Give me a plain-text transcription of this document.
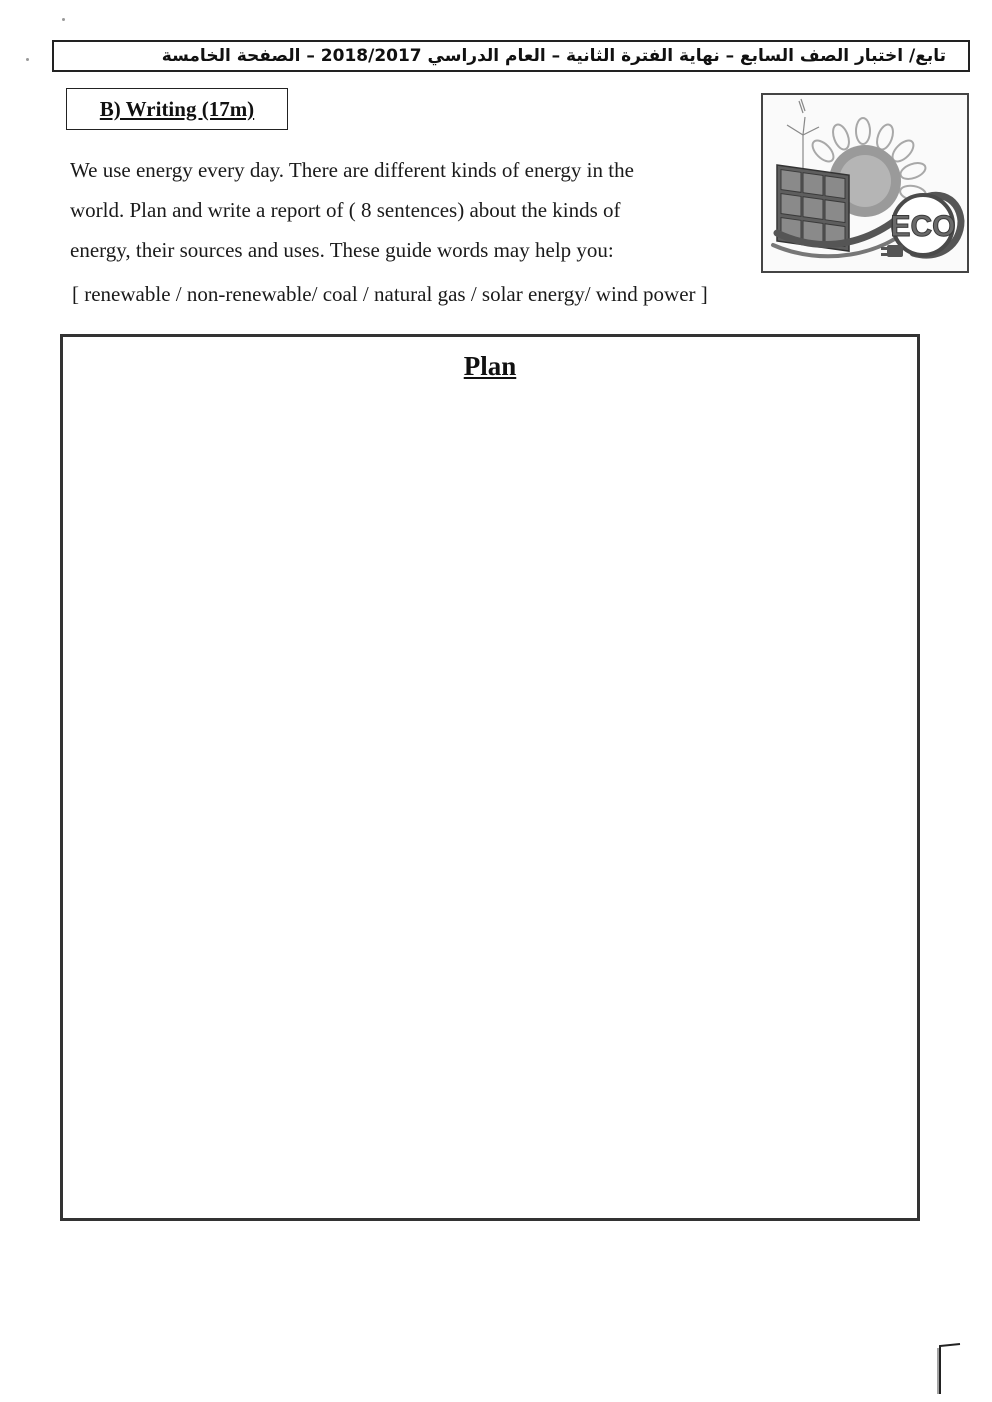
تابع/ اختبار الصف السابع – نهاية الفترة الثانية – العام الدراسي 2018/2017 – الصفحة الخامسة
B) Writing (17m)
We use energy every day. There are different kinds of energy in the
world. Plan and write a report of ( 8 sentences) about the kinds of
energy, their sources and uses. These guide words may help you:
[ renewable / non-renewable/ coal / natural gas / solar energy/ wind power ]
ECO
Plan
